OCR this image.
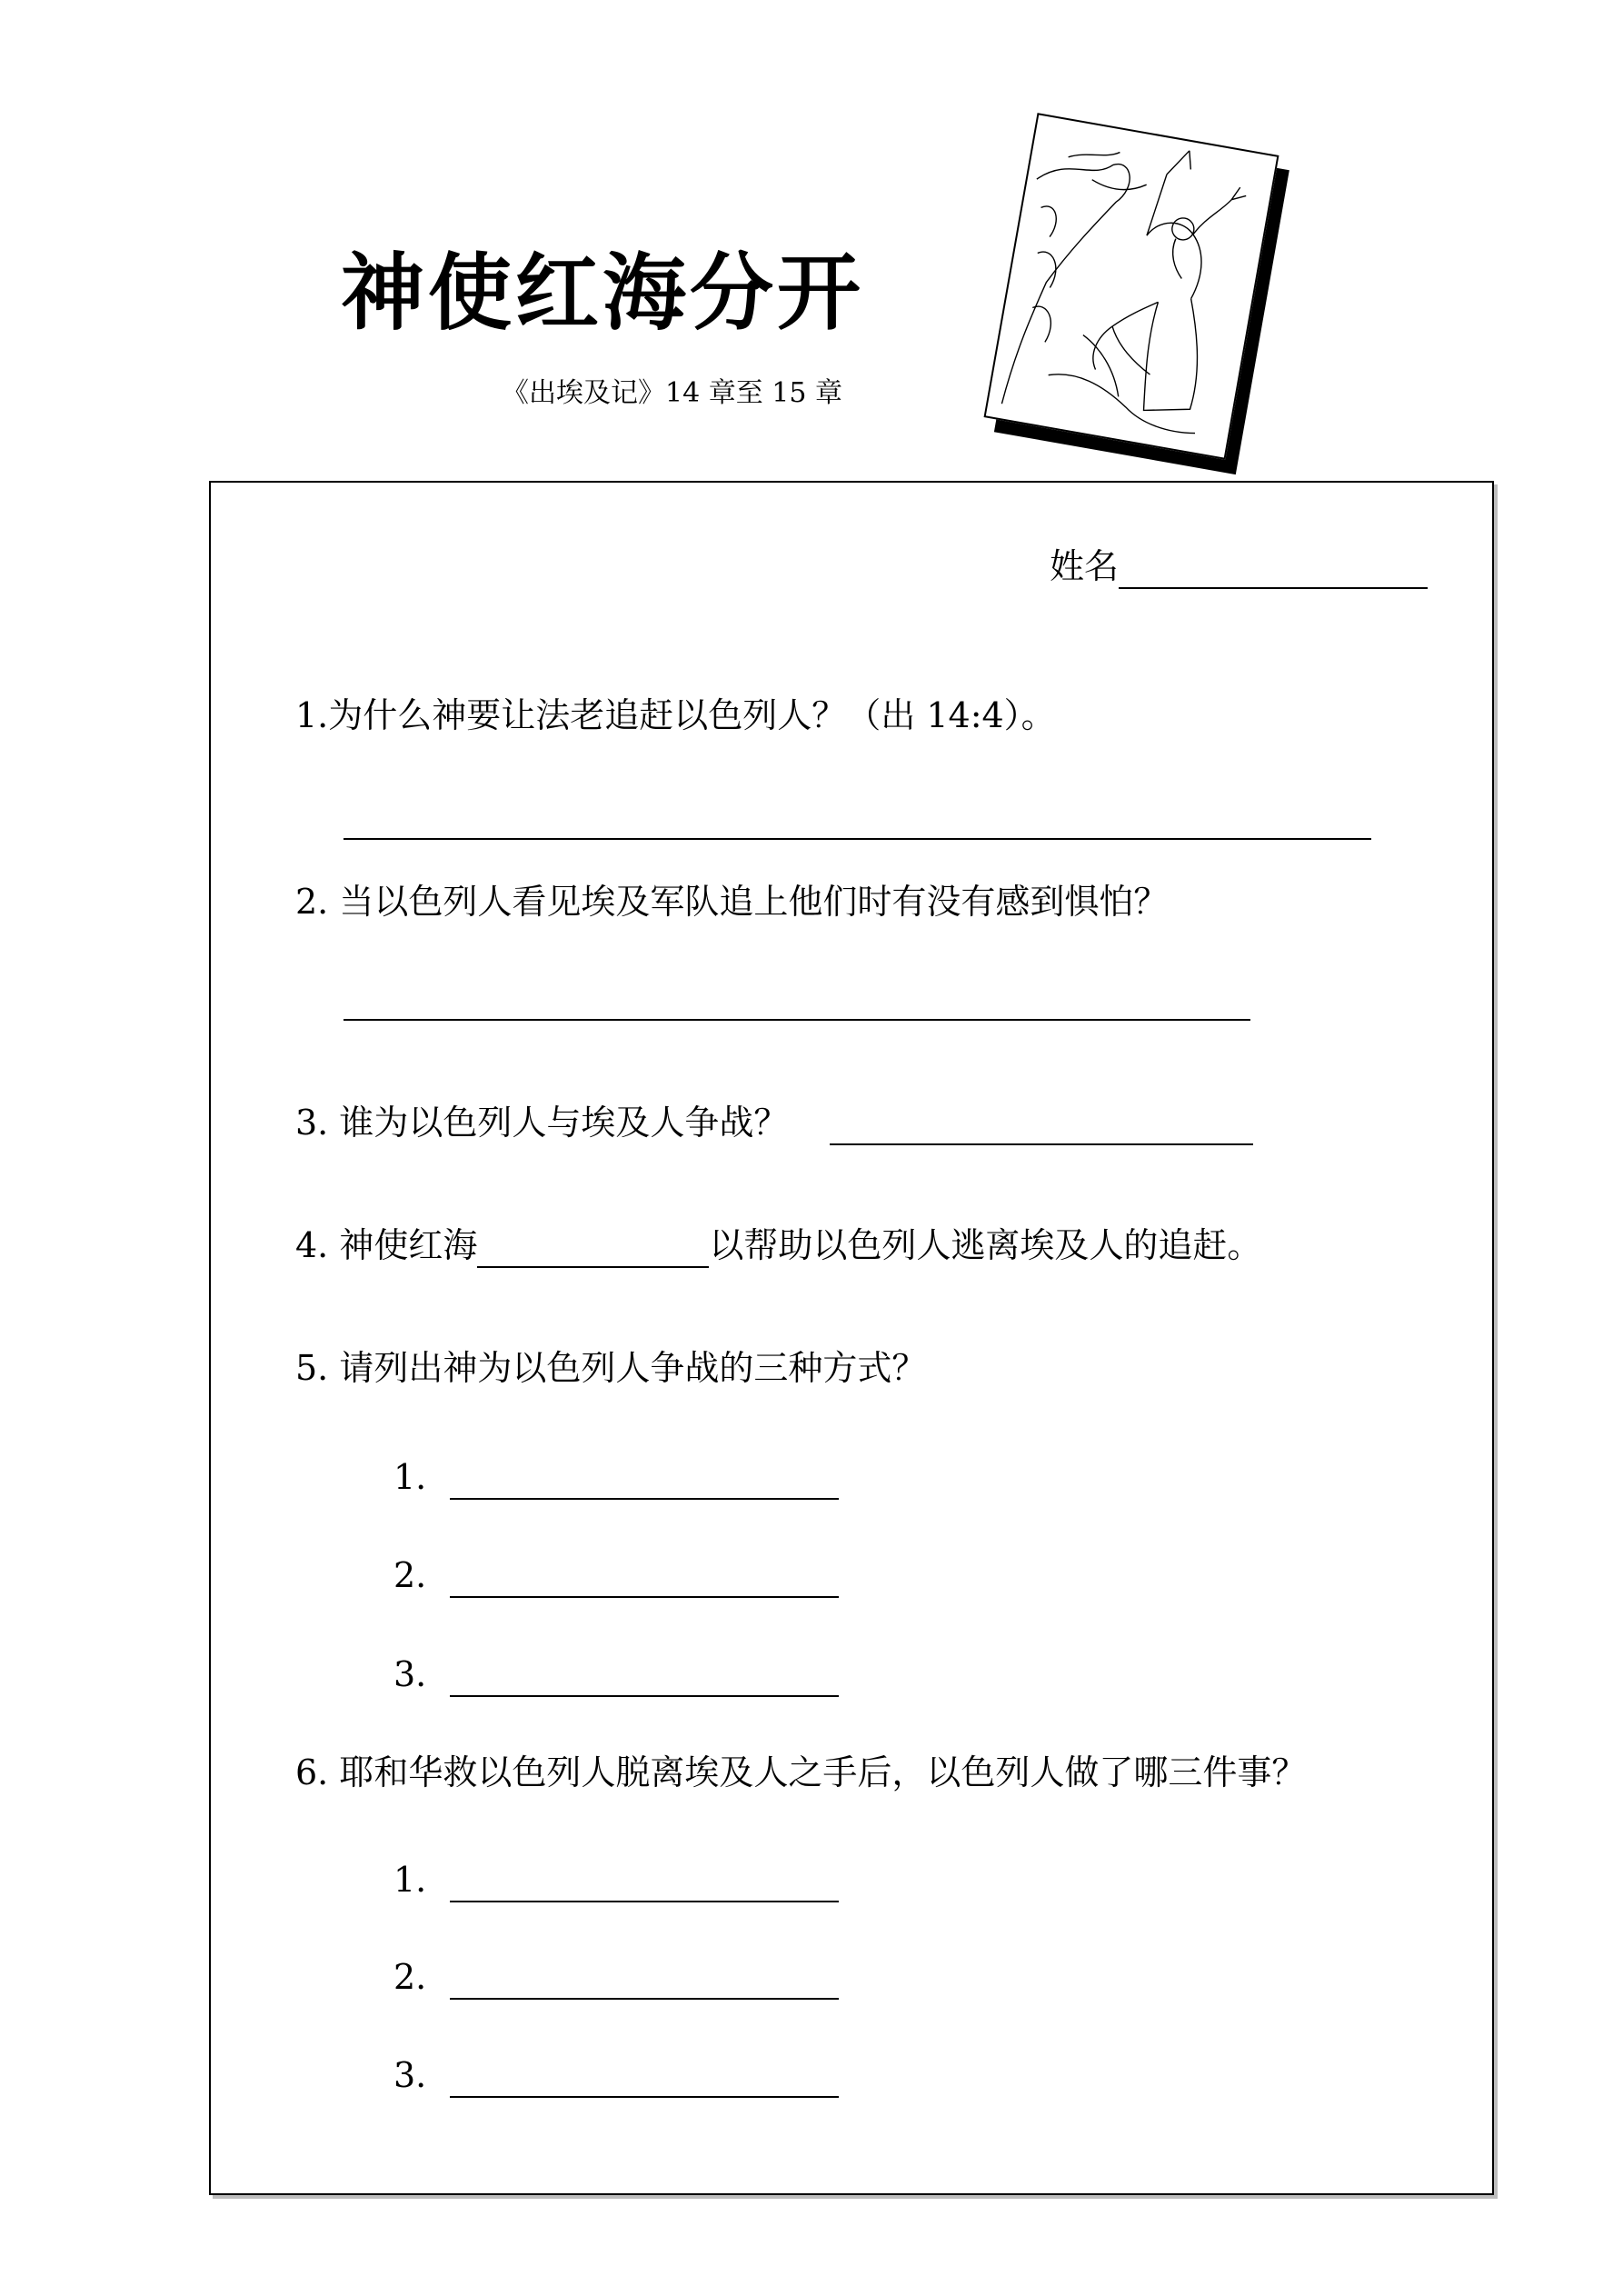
神使红海分开
《出埃及记》14 章至 15 章
姓名
1.为什么神要让法老追赶以色列人？（出 14:4）。
2. 当以色列人看见埃及军队追上他们时有没有感到惧怕？
3. 谁为以色列人与埃及人争战？
4. 神使红海	以帮助以色列人逃离埃及人的追赶。
5. 请列出神为以色列人争战的三种方式？
1.
2.
3.
6. 耶和华救以色列人脱离埃及人之手后，以色列人做了哪三件事？
1.
2.
3.
